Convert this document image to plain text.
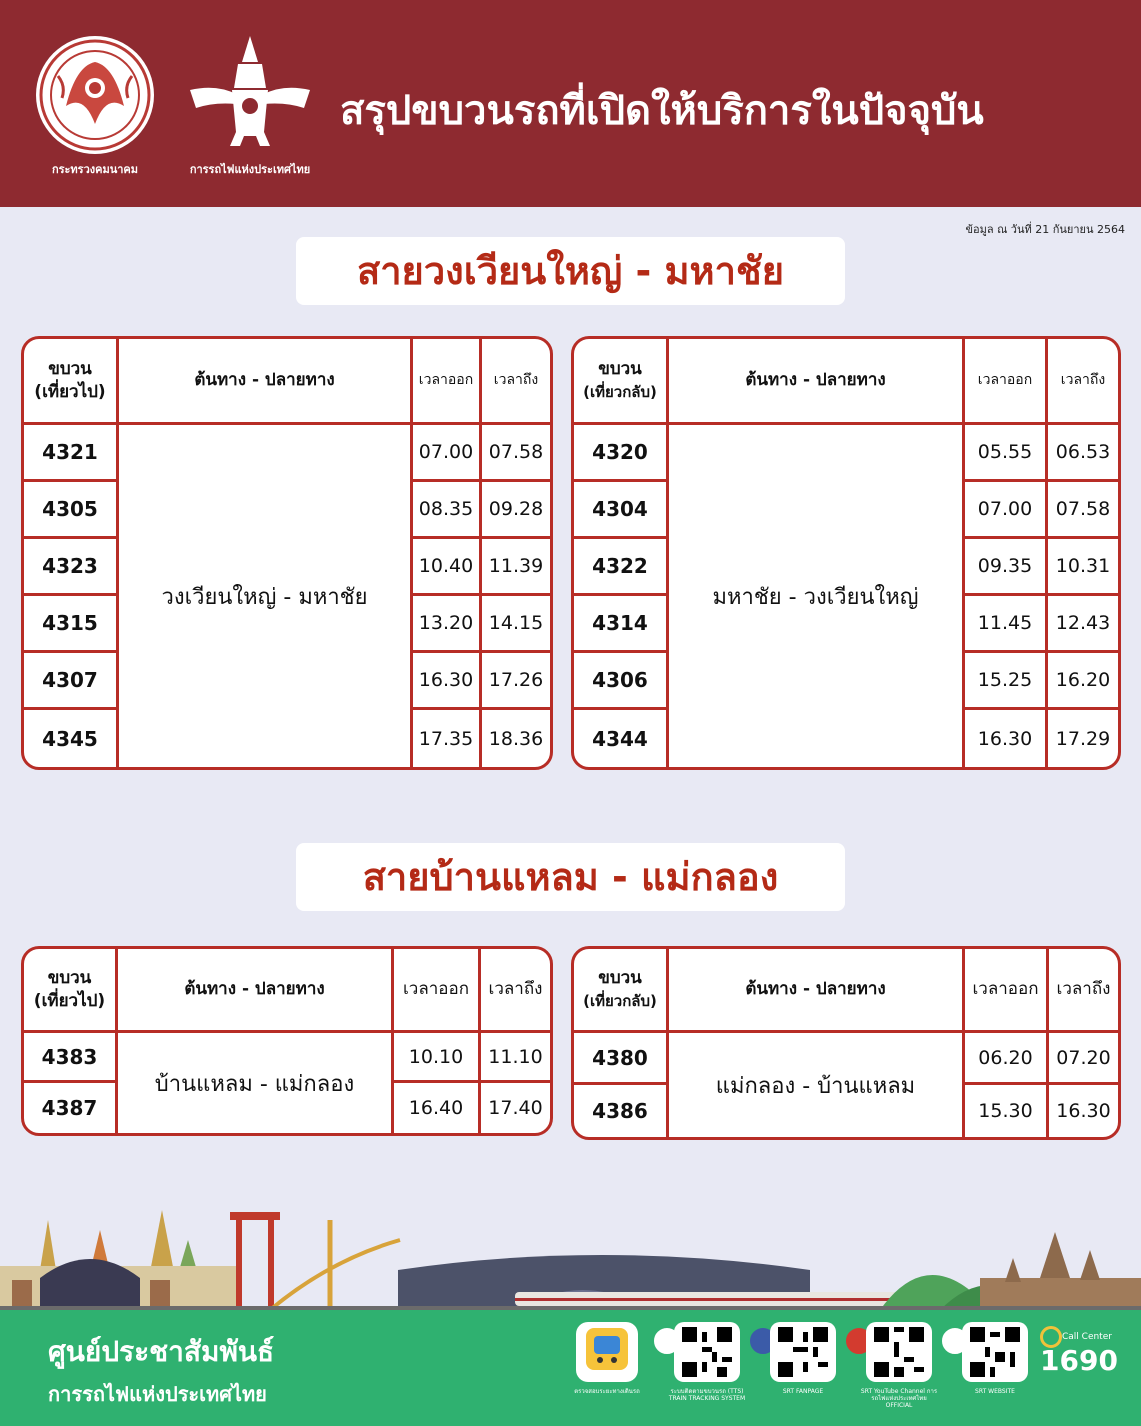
กระทรวงคมนาคม	การรถไฟแห่งประเทศไทย
สรุปขบวนรถที่เปิดให้บริการในปัจจุบัน
ข้อมูล ณ วันที่ 21 กันยายน 2564
สายวงเวียนใหญ่ - มหาชัย
ขบวน
(เที่ยวไป)	ต้นทาง - ปลายทาง	เวลาออก	เวลาถึง
4321	วงเวียนใหญ่ - มหาชัย	07.00	07.58
4305		08.35	09.28
4323		10.40	11.39
4315		13.20	14.15
4307		16.30	17.26
4345		17.35	18.36
ขบวน
(เที่ยวกลับ)	ต้นทาง - ปลายทาง	เวลาออก	เวลาถึง
4320	มหาชัย - วงเวียนใหญ่	05.55	06.53
4304		07.00	07.58
4322		09.35	10.31
4314		11.45	12.43
4306		15.25	16.20
4344		16.30	17.29
สายบ้านแหลม - แม่กลอง
ขบวน
(เที่ยวไป)	ต้นทาง - ปลายทาง	เวลาออก	เวลาถึง
4383	บ้านแหลม - แม่กลอง	10.10	11.10
4387		16.40	17.40
ขบวน
(เที่ยวกลับ)	ต้นทาง - ปลายทาง	เวลาออก	เวลาถึง
4380	แม่กลอง - บ้านแหลม	06.20	07.20
4386		15.30	16.30
ศูนย์ประชาสัมพันธ์
การรถไฟแห่งประเทศไทย	ตรวจสอบระยะทางเดินรถ	ระบบติดตามขบวนรถ (TTS) TRAIN TRACKING SYSTEM
SRT FANPAGE	SRT YouTube Channel การรถไฟแห่งประเทศไทย OFFICIAL
SRT WEBSITE
Call Center
1690
